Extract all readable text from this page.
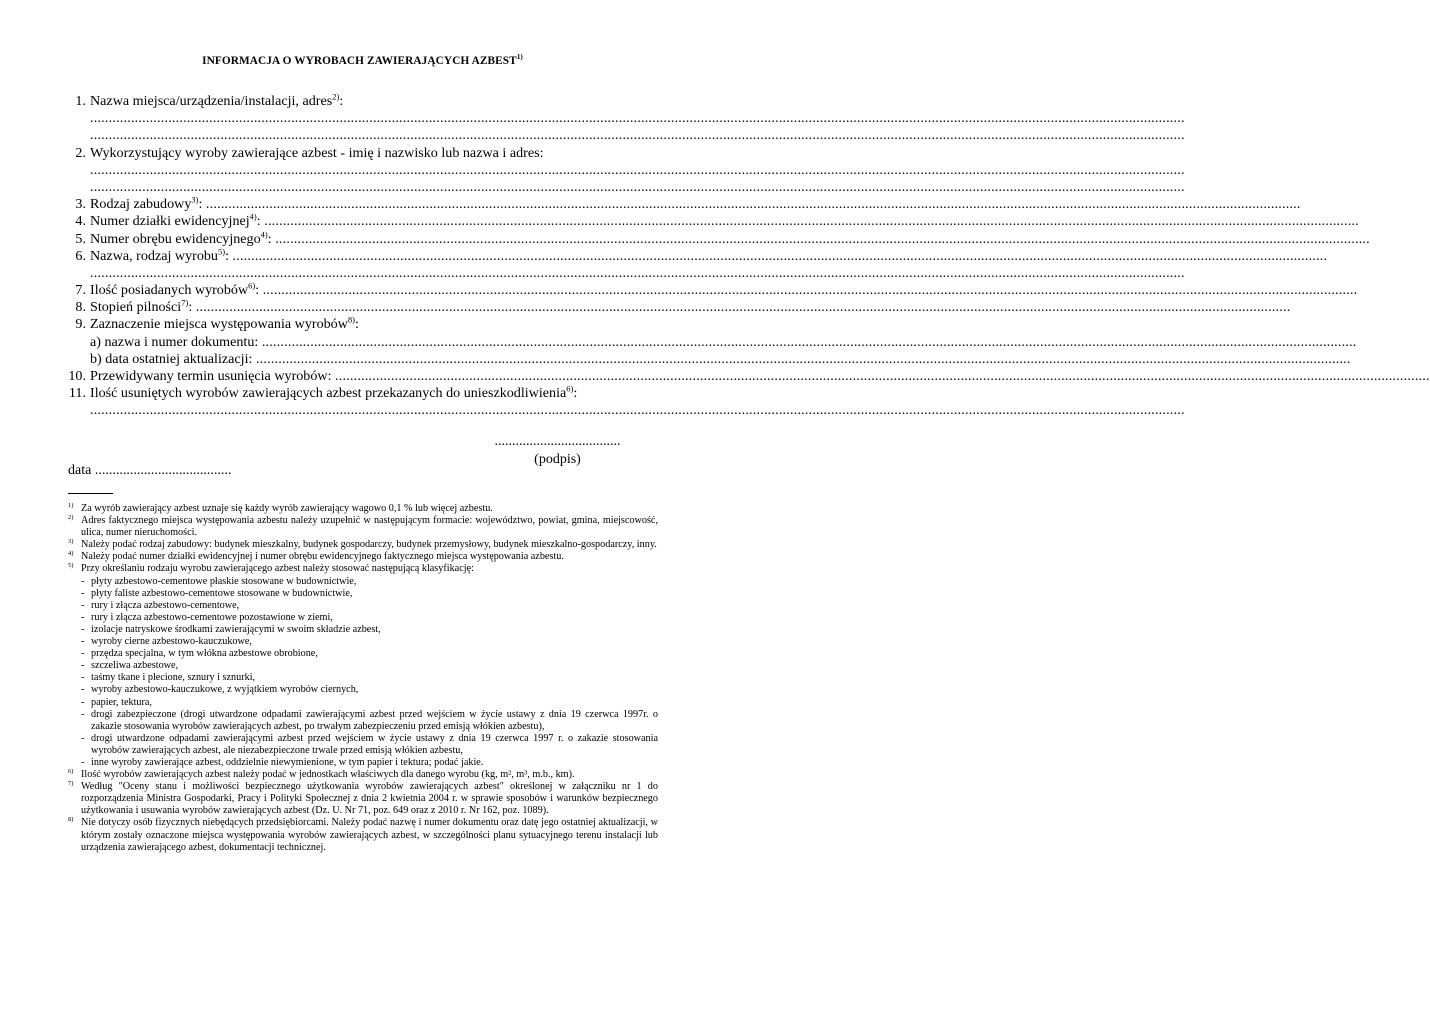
INFORMACJA O WYROBACH ZAWIERAJĄCYCH AZBEST$^{1)}$
1. Nazwa miejsca/urządzenia/instalacji, adres$^{2)}$:
......................................................................................................................................................................................................................................................................................................
......................................................................................................................................................................................................................................................................................................
2. Wykorzystujący wyroby zawierające azbest - imię i nazwisko lub nazwa i adres:
......................................................................................................................................................................................................................................................................................................
......................................................................................................................................................................................................................................................................................................
3. Rodzaj zabudowy$^{3)}$: ......................................................................................................................................................................................................................................................................................................
4. Numer działki ewidencyjnej$^{4)}$: ......................................................................................................................................................................................................................................................................................................
5. Numer obrębu ewidencyjnego$^{4)}$: ......................................................................................................................................................................................................................................................................................................
6. Nazwa, rodzaj wyrobu$^{5)}$: ......................................................................................................................................................................................................................................................................................................
......................................................................................................................................................................................................................................................................................................
7. Ilość posiadanych wyrobów$^{6)}$: ......................................................................................................................................................................................................................................................................................................
8. Stopień pilności$^{7)}$: ......................................................................................................................................................................................................................................................................................................
9. Zaznaczenie miejsca występowania wyrobów$^{8)}$:
a) nazwa i numer dokumentu: ......................................................................................................................................................................................................................................................................................................
b) data ostatniej aktualizacji: ......................................................................................................................................................................................................................................................................................................
10. Przewidywany termin usunięcia wyrobów: ......................................................................................................................................................................................................................................................................................................
11. Ilość usuniętych wyrobów zawierających azbest przekazanych do unieszkodliwienia$^{6)}$:
......................................................................................................................................................................................................................................................................................................
....................................
(podpis)
data .......................................
1) Za wyrób zawierający azbest uznaje się każdy wyrób zawierający wagowo 0,1 % lub więcej azbestu.
2) Adres faktycznego miejsca występowania azbestu należy uzupełnić w następującym formacie: województwo, powiat, gmina, miejscowość, ulica, numer nieruchomości.
3) Należy podać rodzaj zabudowy: budynek mieszkalny, budynek gospodarczy, budynek przemysłowy, budynek mieszkalno-gospodarczy, inny.
4) Należy podać numer działki ewidencyjnej i numer obrębu ewidencyjnego faktycznego miejsca występowania azbestu.
5) Przy określaniu rodzaju wyrobu zawierającego azbest należy stosować następującą klasyfikację:
- płyty azbestowo-cementowe płaskie stosowane w budownictwie,
- płyty faliste azbestowo-cementowe stosowane w budownictwie,
- rury i złącza azbestowo-cementowe,
- rury i złącza azbestowo-cementowe pozostawione w ziemi,
- izolacje natryskowe środkami zawierającymi w swoim składzie azbest,
- wyroby cierne azbestowo-kauczukowe,
- przędza specjalna, w tym włókna azbestowe obrobione,
- szczeliwa azbestowe,
- taśmy tkane i plecione, sznury i sznurki,
- wyroby azbestowo-kauczukowe, z wyjątkiem wyrobów ciernych,
- papier, tektura,
- drogi zabezpieczone (drogi utwardzone odpadami zawierającymi azbest przed wejściem w życie ustawy z dnia 19 czerwca 1997r. o zakazie stosowania wyrobów zawierających azbest, po trwałym zabezpieczeniu przed emisją włókien azbestu),
- drogi utwardzone odpadami zawierającymi azbest przed wejściem w życie ustawy z dnia 19 czerwca 1997 r. o zakazie stosowania wyrobów zawierających azbest, ale niezabezpieczone trwale przed emisją włókien azbestu,
- inne wyroby zawierające azbest, oddzielnie niewymienione, w tym papier i tektura; podać jakie.
6) Ilość wyrobów zawierających azbest należy podać w jednostkach właściwych dla danego wyrobu (kg, m², m³, m.b., km).
7) Według "Oceny stanu i możliwości bezpiecznego użytkowania wyrobów zawierających azbest" określonej w załączniku nr 1 do rozporządzenia Ministra Gospodarki, Pracy i Polityki Społecznej z dnia 2 kwietnia 2004 r. w sprawie sposobów i warunków bezpiecznego użytkowania i usuwania wyrobów zawierających azbest (Dz. U. Nr 71, poz. 649 oraz z 2010 r. Nr 162, poz. 1089).
8) Nie dotyczy osób fizycznych niebędących przedsiębiorcami. Należy podać nazwę i numer dokumentu oraz datę jego ostatniej aktualizacji, w którym zostały oznaczone miejsca występowania wyrobów zawierających azbest, w szczególności planu sytuacyjnego terenu instalacji lub urządzenia zawierającego azbest, dokumentacji technicznej.
